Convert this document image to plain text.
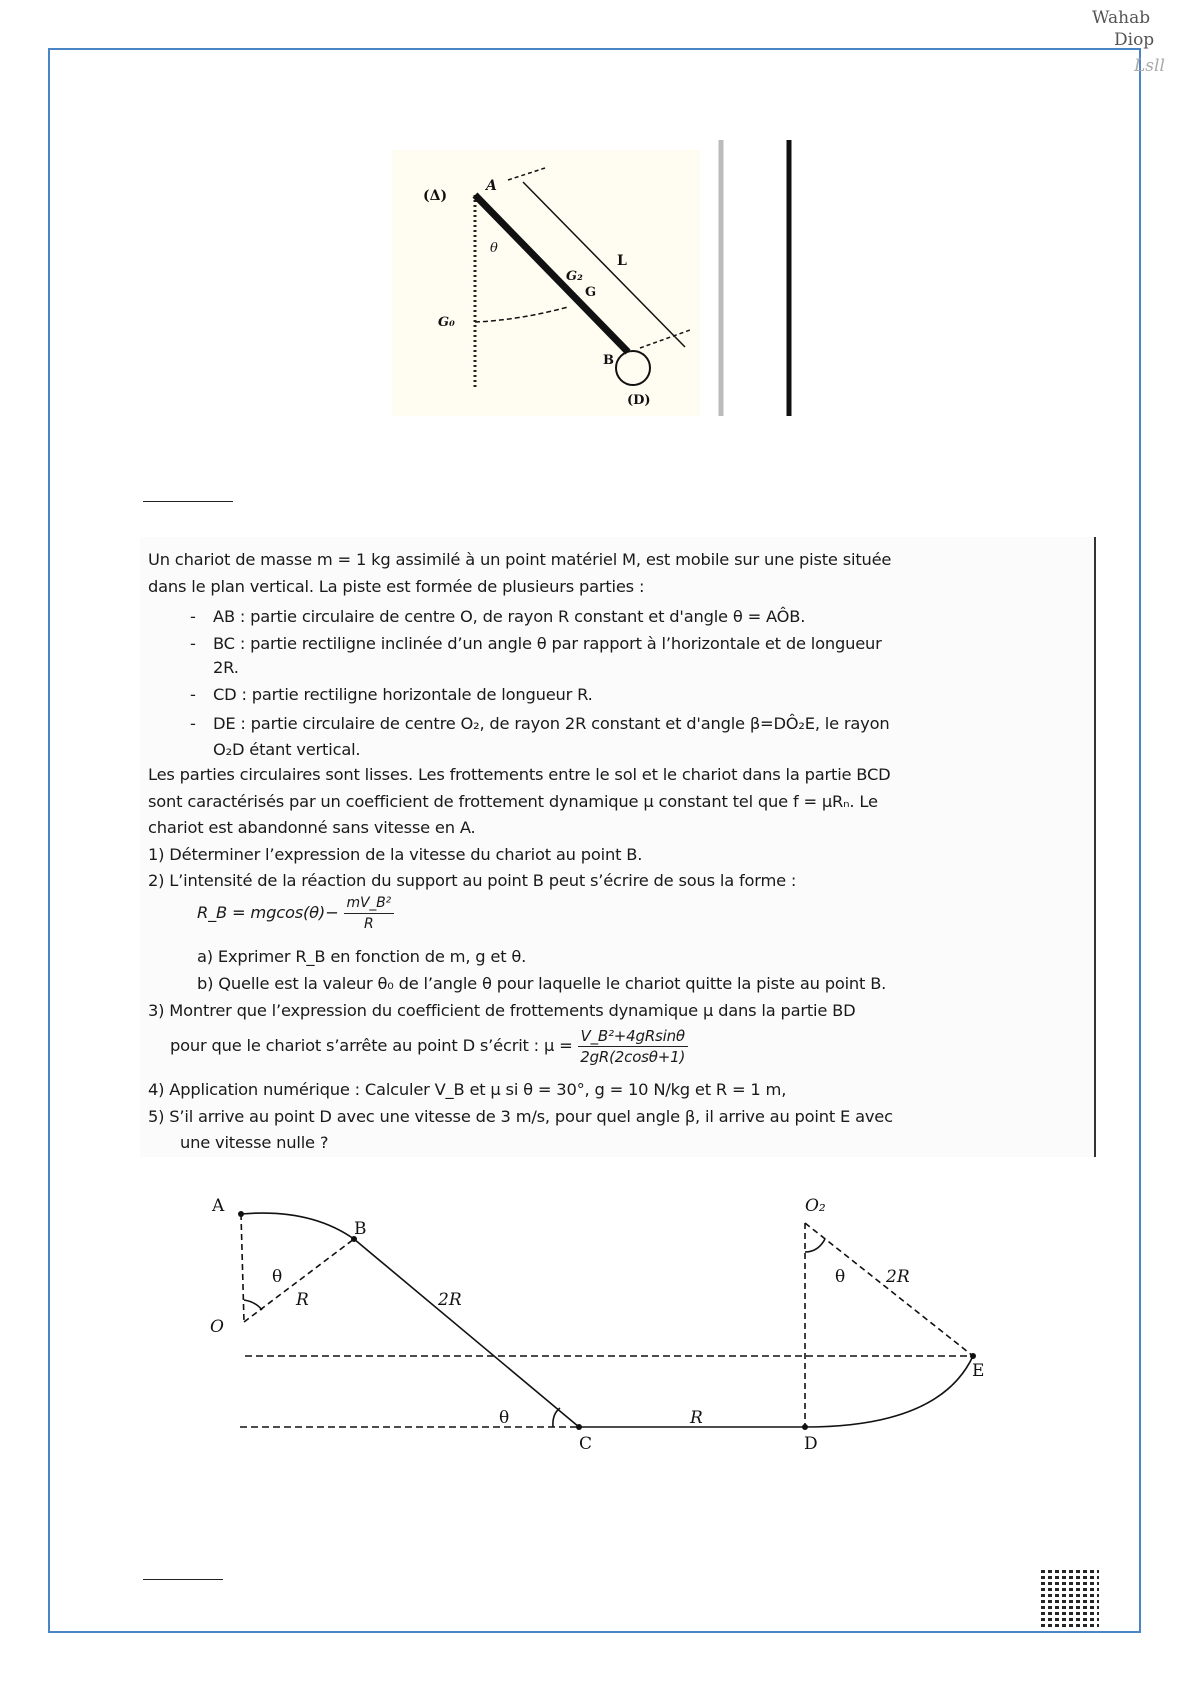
Wahab
Diop
Lsll
(Δ)
A
θ
L
G₂
G
G₀
B
(D)
A
B
O
θ
R	2R
θ
C
R
D
O₂
θ 2R
E
Un chariot de masse m = 1 kg assimilé à un point matériel M, est mobile sur une piste située
dans le plan vertical. La piste est formée de plusieurs parties :
- AB : partie circulaire de centre O, de rayon R constant et d'angle θ = AÔB.
- BC : partie rectiligne inclinée d’un angle θ par rapport à l’horizontale et de longueur
2R.
- CD : partie rectiligne horizontale de longueur R.
- DE : partie circulaire de centre O₂, de rayon 2R constant et d'angle β=DÔ₂E, le rayon
O₂D étant vertical.
Les parties circulaires sont lisses. Les frottements entre le sol et le chariot dans la partie BCD
sont caractérisés par un coefficient de frottement dynamique μ constant tel que f = μRₙ. Le
chariot est abandonné sans vitesse en A.
1) Déterminer l’expression de la vitesse du chariot au point B.
2) L’intensité de la réaction du support au point B peut s’écrire de sous la forme :
R_B = $mgcos(\theta)- \frac{\text{mV\_B²}}{R}$
a) Exprimer R_B en fonction de m, g et θ.
b) Quelle est la valeur θ₀ de l’angle θ pour laquelle le chariot quitte la piste au point B.
3) Montrer que l’expression du coefficient de frottements dynamique μ dans la partie BD
pour que le chariot s’arrête au point D s’écrit : $\mu = \frac{\text{V\_B²+4gRsinθ}}{2gR(2\cos\theta+1)}$
4) Application numérique : Calculer V_B et μ si θ = 30°, g = 10 N/kg et R = 1 m,
5) S’il arrive au point D avec une vitesse de 3 m/s, pour quel angle β, il arrive au point E avec
une vitesse nulle ?
